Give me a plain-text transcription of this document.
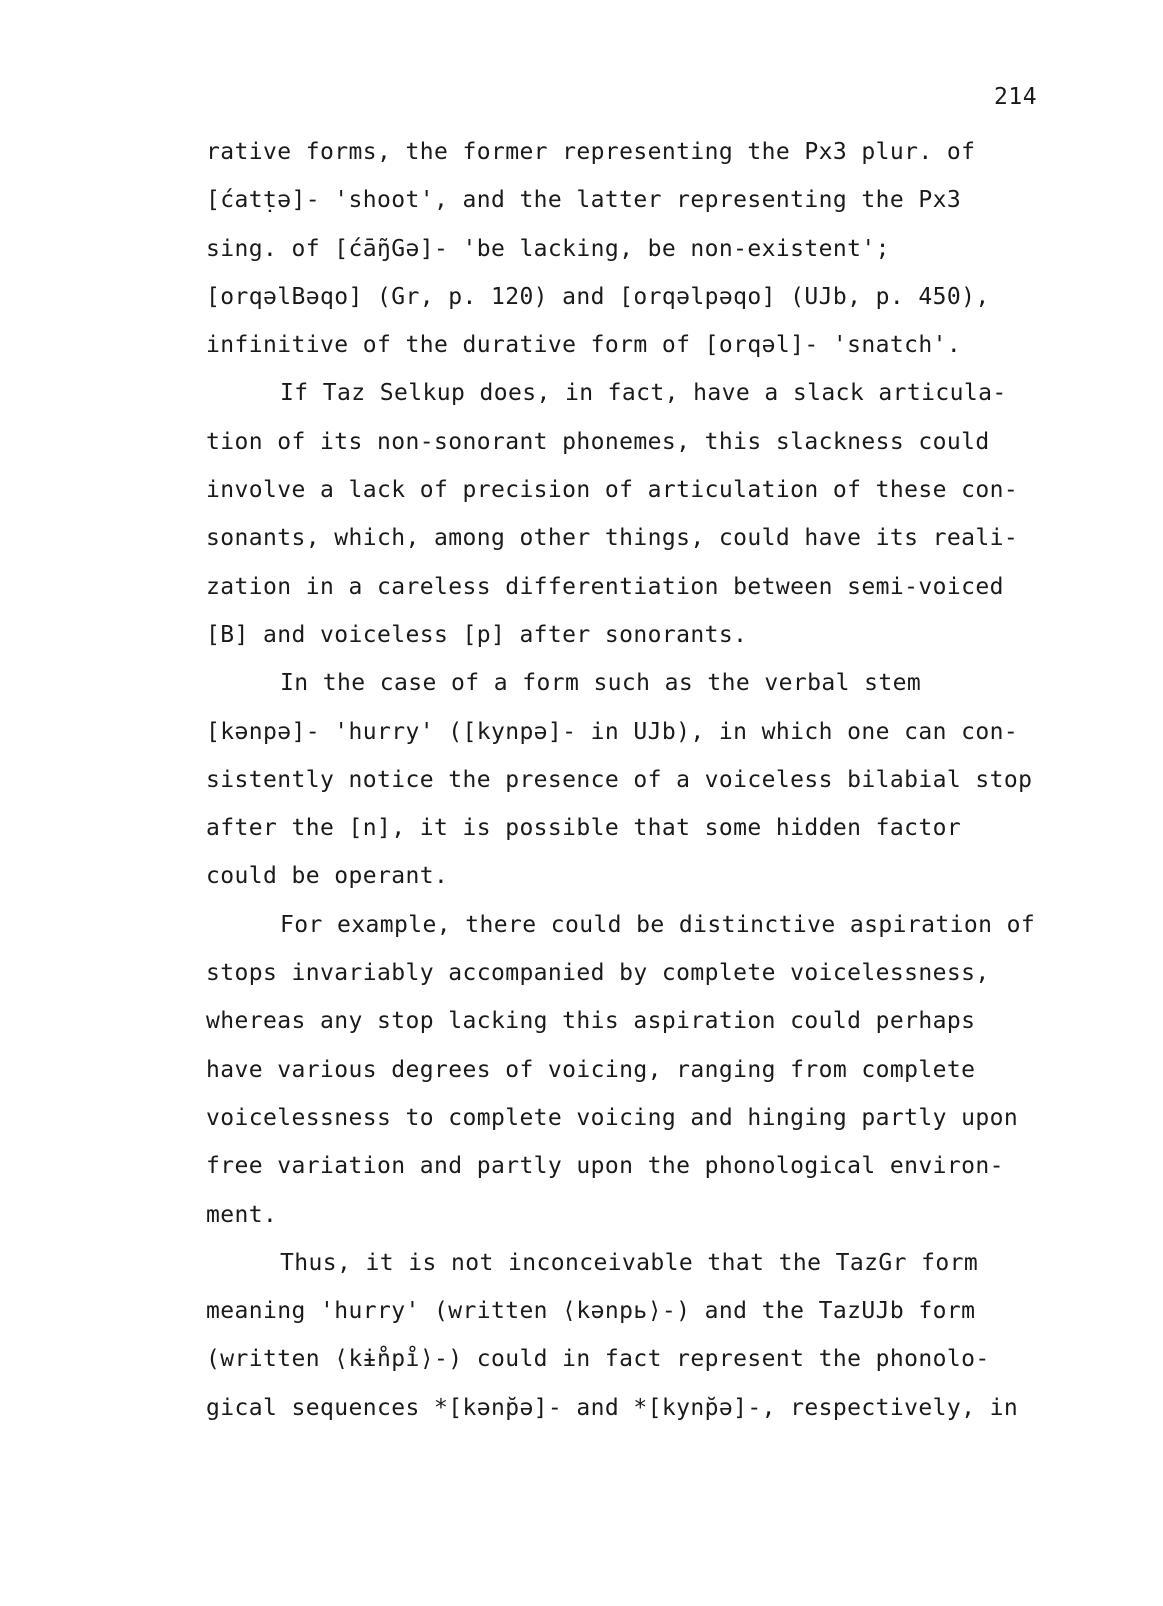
214
rative forms, the former representing the Px3 plur. of
[ćatṭə]- 'shoot', and the latter representing the Px3
sing. of [ćā̃ŋGə]- 'be lacking, be non-existent';
[orqəlBəqo] (Gr, p. 120) and [orqəlpəqo] (UJb, p. 450),
infinitive of the durative form of [orqəl]- 'snatch'.
If Taz Selkup does, in fact, have a slack articula-
tion of its non-sonorant phonemes, this slackness could
involve a lack of precision of articulation of these con-
sonants, which, among other things, could have its reali-
zation in a careless differentiation between semi-voiced
[B] and voiceless [p] after sonorants.
In the case of a form such as the verbal stem
[kənpə]- 'hurry' ([kynpə]- in UJb), in which one can con-
sistently notice the presence of a voiceless bilabial stop
after the [n], it is possible that some hidden factor
could be operant.
For example, there could be distinctive aspiration of
stops invariably accompanied by complete voicelessness,
whereas any stop lacking this aspiration could perhaps
have various degrees of voicing, ranging from complete
voicelessness to complete voicing and hinging partly upon
free variation and partly upon the phonological environ-
ment.
Thus, it is not inconceivable that the TazGr form
meaning 'hurry' (written ⟨kənpь⟩-) and the TazUJb form
(written ⟨kɨ̊npı̊⟩-) could in fact represent the phonolo-
gical sequences *[kənp̆ə]- and *[kynp̆ə]-, respectively, in
